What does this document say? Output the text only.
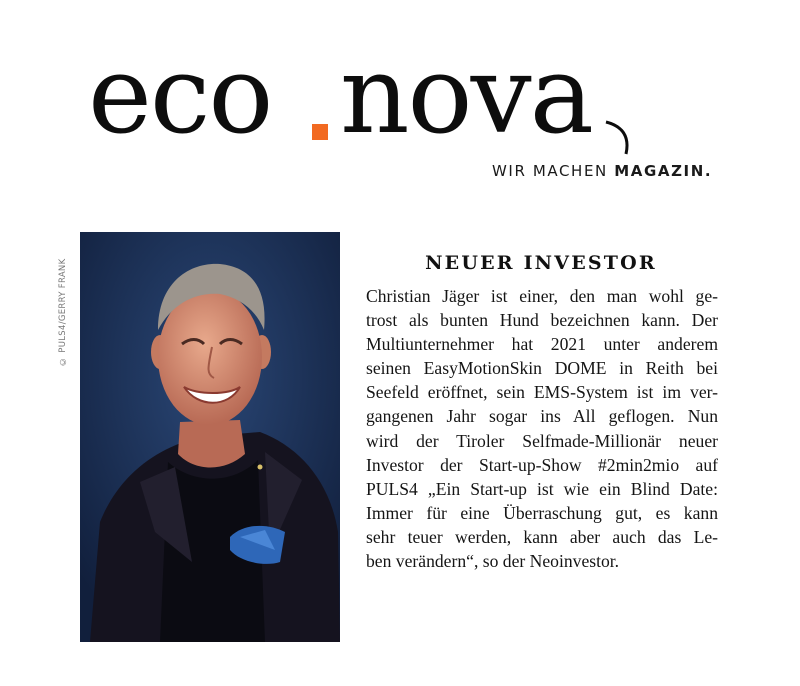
eco nova
WIR MACHEN MAGAZIN.
© PULS4/GERRY FRANK	NEUER INVESTOR

Christian Jäger ist einer, den man wohl ge-
trost als bunten Hund bezeichnen kann. Der
Multiunternehmer hat 2021 unter anderem
seinen EasyMotionSkin DOME in Reith bei
Seefeld eröffnet, sein EMS-System ist im ver-
gangenen Jahr sogar ins All geflogen. Nun
wird der Tiroler Selfmade-Millionär neuer
Investor der Start-up-Show #2min2mio auf
PULS4 „Ein Start-up ist wie ein Blind Date:
Immer für eine Überraschung gut, es kann
sehr teuer werden, kann aber auch das Le-
ben verändern“, so der Neoinvestor.
